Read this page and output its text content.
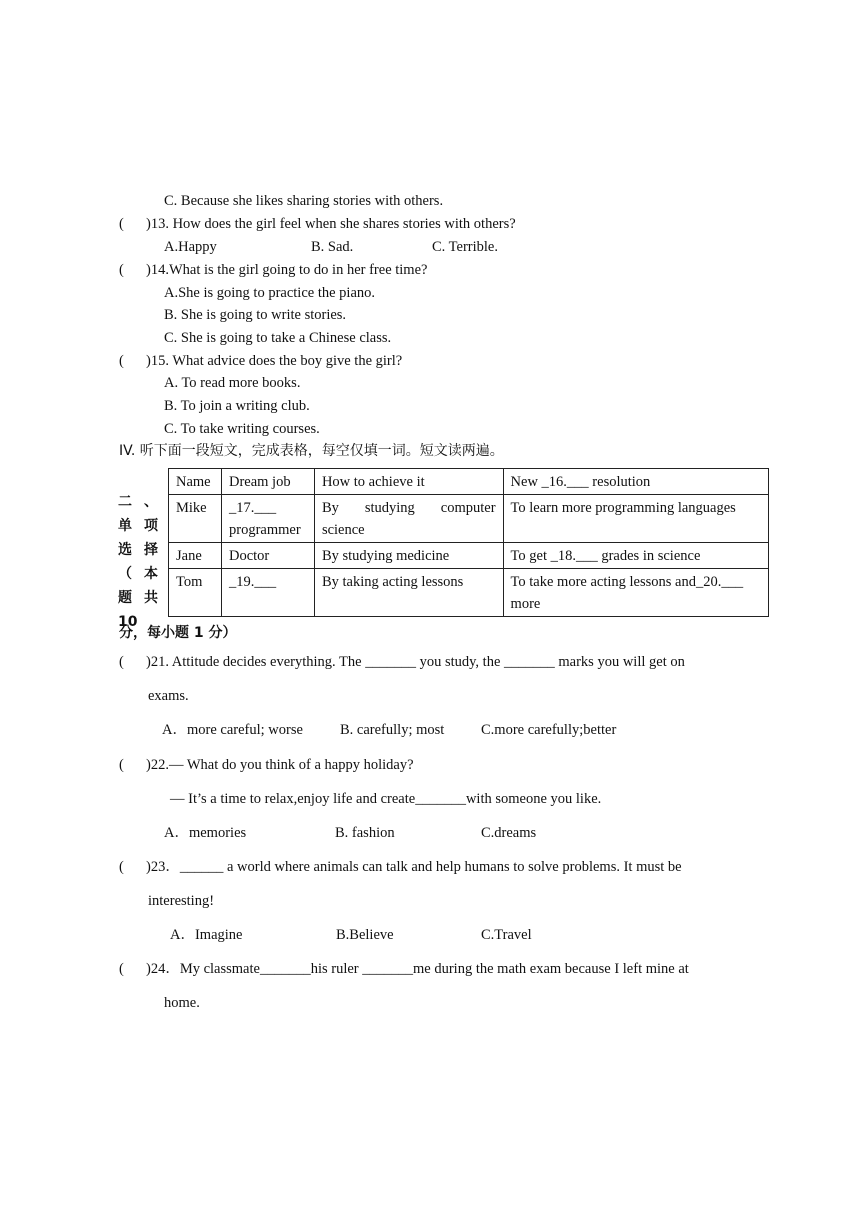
C. Because she likes sharing stories with others.
( )13. How does the girl feel when she shares stories with others?
A.Happy	B. Sad.	C. Terrible.
( )14.What is the girl going to do in her free time?
A.She is going to practice the piano.
B. She is going to write stories.
C. She is going to take a Chinese class.
( )15. What advice does the boy give the girl?
A. To read more books.
B. To join a writing club.
C. To take writing courses.
IV. 听下面一段短文，完成表格，每空仅填一词。短文读两遍。
二 、
单 项
选 择
（ 本
题 共
10
Name	Dream job	How to achieve it	New _16.___ resolution
Mike	_17.___ programmer	By studying computer science	To learn more programming languages
Jane	Doctor	By studying medicine	To get _18.___ grades in science
Tom	_19.___	By taking acting lessons	To take more acting lessons and_20.___ more
分，每小题 1 分）
( )21. Attitude decides everything. The _______ you study, the _______ marks you will get on
exams.
A．more careful; worse	B. carefully; most	C.more carefully;better
( )22.— What do you think of a happy holiday?
— It’s a time to relax,enjoy life and create_______with someone you like.
A．memories	B. fashion	C.dreams
( )23．______ a world where animals can talk and help humans to solve problems. It must be
interesting!
A．Imagine	B.Believe	C.Travel
( )24．My classmate_______his ruler _______me during the math exam because I left mine at
home.
